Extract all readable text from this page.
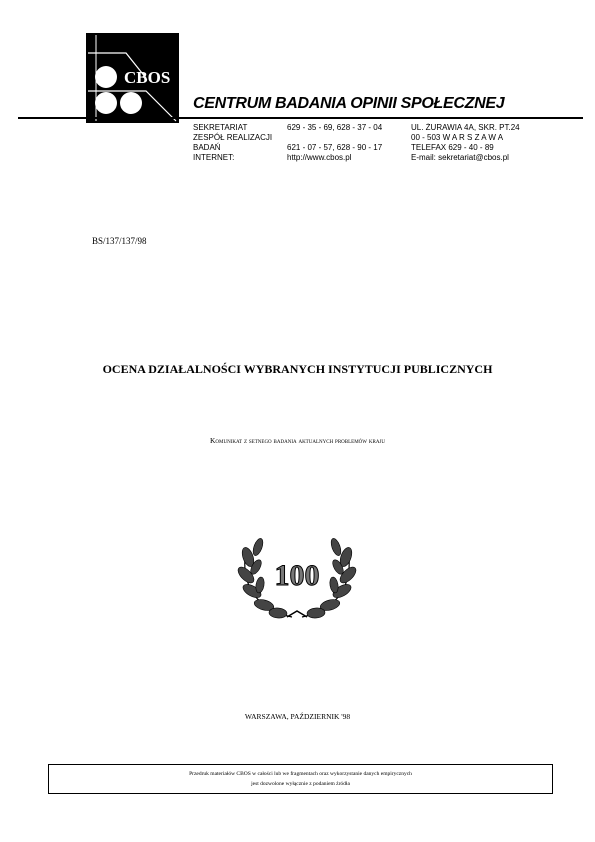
CBOS
CENTRUM BADANIA OPINII SPOŁECZNEJ
SEKRETARIAT
ZESPÓŁ REALIZACJI
BADAŃ
INTERNET:
629 - 35 - 69, 628 - 37 - 04
621 - 07 - 57, 628 - 90 - 17
http://www.cbos.pl
UL. ŻURAWIA 4A, SKR. PT.24
00 - 503 W A R S Z A W A
TELEFAX 629 - 40 - 89
E-mail: sekretariat@cbos.pl
BS/137/137/98
OCENA DZIAŁALNOŚCI WYBRANYCH INSTYTUCJI PUBLICZNYCH
Komunikat z setnego badania aktualnych problemów kraju
100
WARSZAWA, PAŹDZIERNIK '98
Przedruk materiałów CBOS w całości lub we fragmentach oraz wykorzystanie danych empirycznych
jest dozwolone wyłącznie z podaniem źródła
